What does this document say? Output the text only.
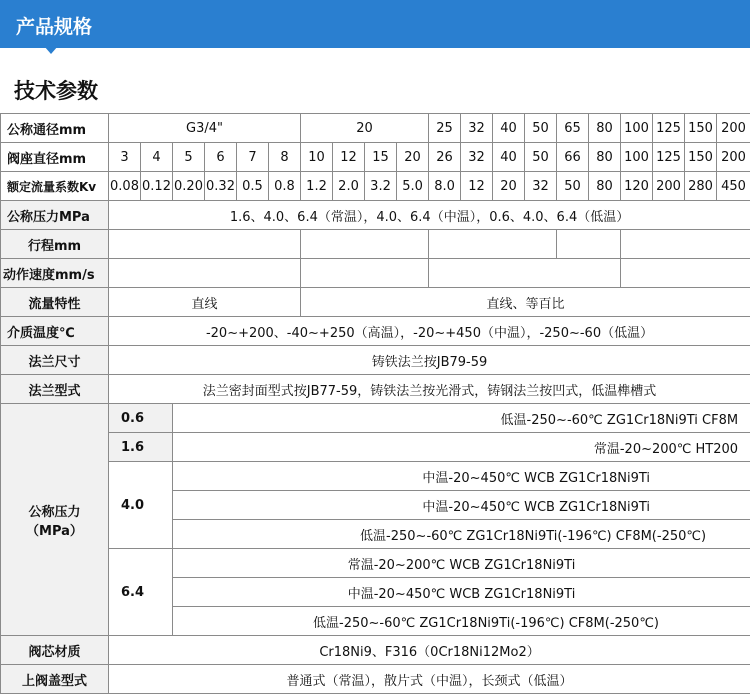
产品规格
技术参数
公称通径mm	G3/4"						20				25	32	40	50	65	80	100	125	150	200
阀座直径mm	3	4	5	6	7	8	10	12	15	20	26	32	40	50	66	80	100	125	150	200
额定流量系数Kv	0.08	0.12	0.20	0.32	0.5	0.8	1.2	2.0	3.2	5.0	8.0	12	20	32	50	80	120	200	280	450
公称压力MPa	1.6、4.0、6.4（常温），4.0、6.4（中温），0.6、4.0、6.4（低温）																			
行程mm																				
动作速度mm/s																				
流量特性	直线						直线、等百比													
介质温度℃	-20~+200、-40~+250（高温），-20~+450（中温），-250~-60（低温）																			
法兰尺寸	铸铁法兰按JB79-59																			
法兰型式	法兰密封面型式按JB77-59，铸铁法兰按光滑式，铸钢法兰按凹式，低温榫槽式																			
公称压力
（MPa）	0.6		低温-250~-60℃ ZG1Cr18Ni9Ti CF8M																	
	1.6		常温-20~200℃ HT200																	
	4.0		中温-20~450℃ WCB ZG1Cr18Ni9Ti																	
			中温-20~450℃ WCB ZG1Cr18Ni9Ti																	
			低温-250~-60℃ ZG1Cr18Ni9Ti(-196℃) CF8M(-250℃)																	
	6.4		常温-20~200℃ WCB ZG1Cr18Ni9Ti																	
			中温-20~450℃ WCB ZG1Cr18Ni9Ti																	
			低温-250~-60℃ ZG1Cr18Ni9Ti(-196℃) CF8M(-250℃)																	
阀芯材质	Cr18Ni9、F316（0Cr18Ni12Mo2）																			
上阀盖型式	普通式（常温），散片式（中温），长颈式（低温）																			
